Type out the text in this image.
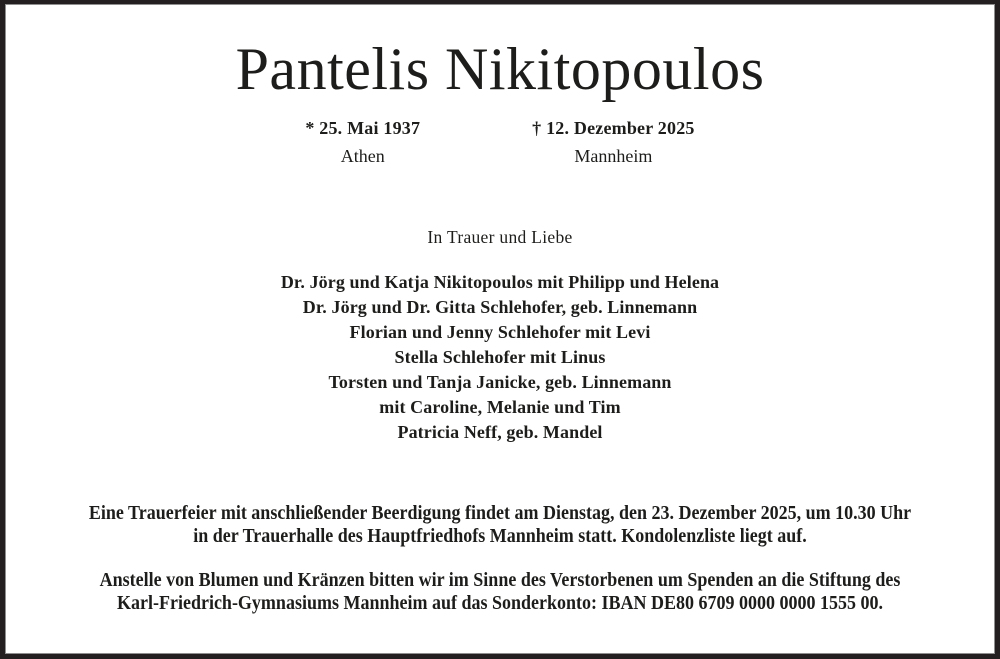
Pantelis Nikitopoulos
* 25. Mai 1937
Athen
† 12. Dezember 2025
Mannheim
In Trauer und Liebe
Dr. Jörg und Katja Nikitopoulos mit Philipp und Helena
Dr. Jörg und Dr. Gitta Schlehofer, geb. Linnemann
Florian und Jenny Schlehofer mit Levi
Stella Schlehofer mit Linus
Torsten und Tanja Janicke, geb. Linnemann
mit Caroline, Melanie und Tim
Patricia Neff, geb. Mandel
Eine Trauerfeier mit anschließender Beerdigung findet am Dienstag, den 23. Dezember 2025, um 10.30 Uhr
in der Trauerhalle des Hauptfriedhofs Mannheim statt. Kondolenzliste liegt auf.
Anstelle von Blumen und Kränzen bitten wir im Sinne des Verstorbenen um Spenden an die Stiftung des
Karl-Friedrich-Gymnasiums Mannheim auf das Sonderkonto: IBAN DE80 6709 0000 0000 1555 00.
